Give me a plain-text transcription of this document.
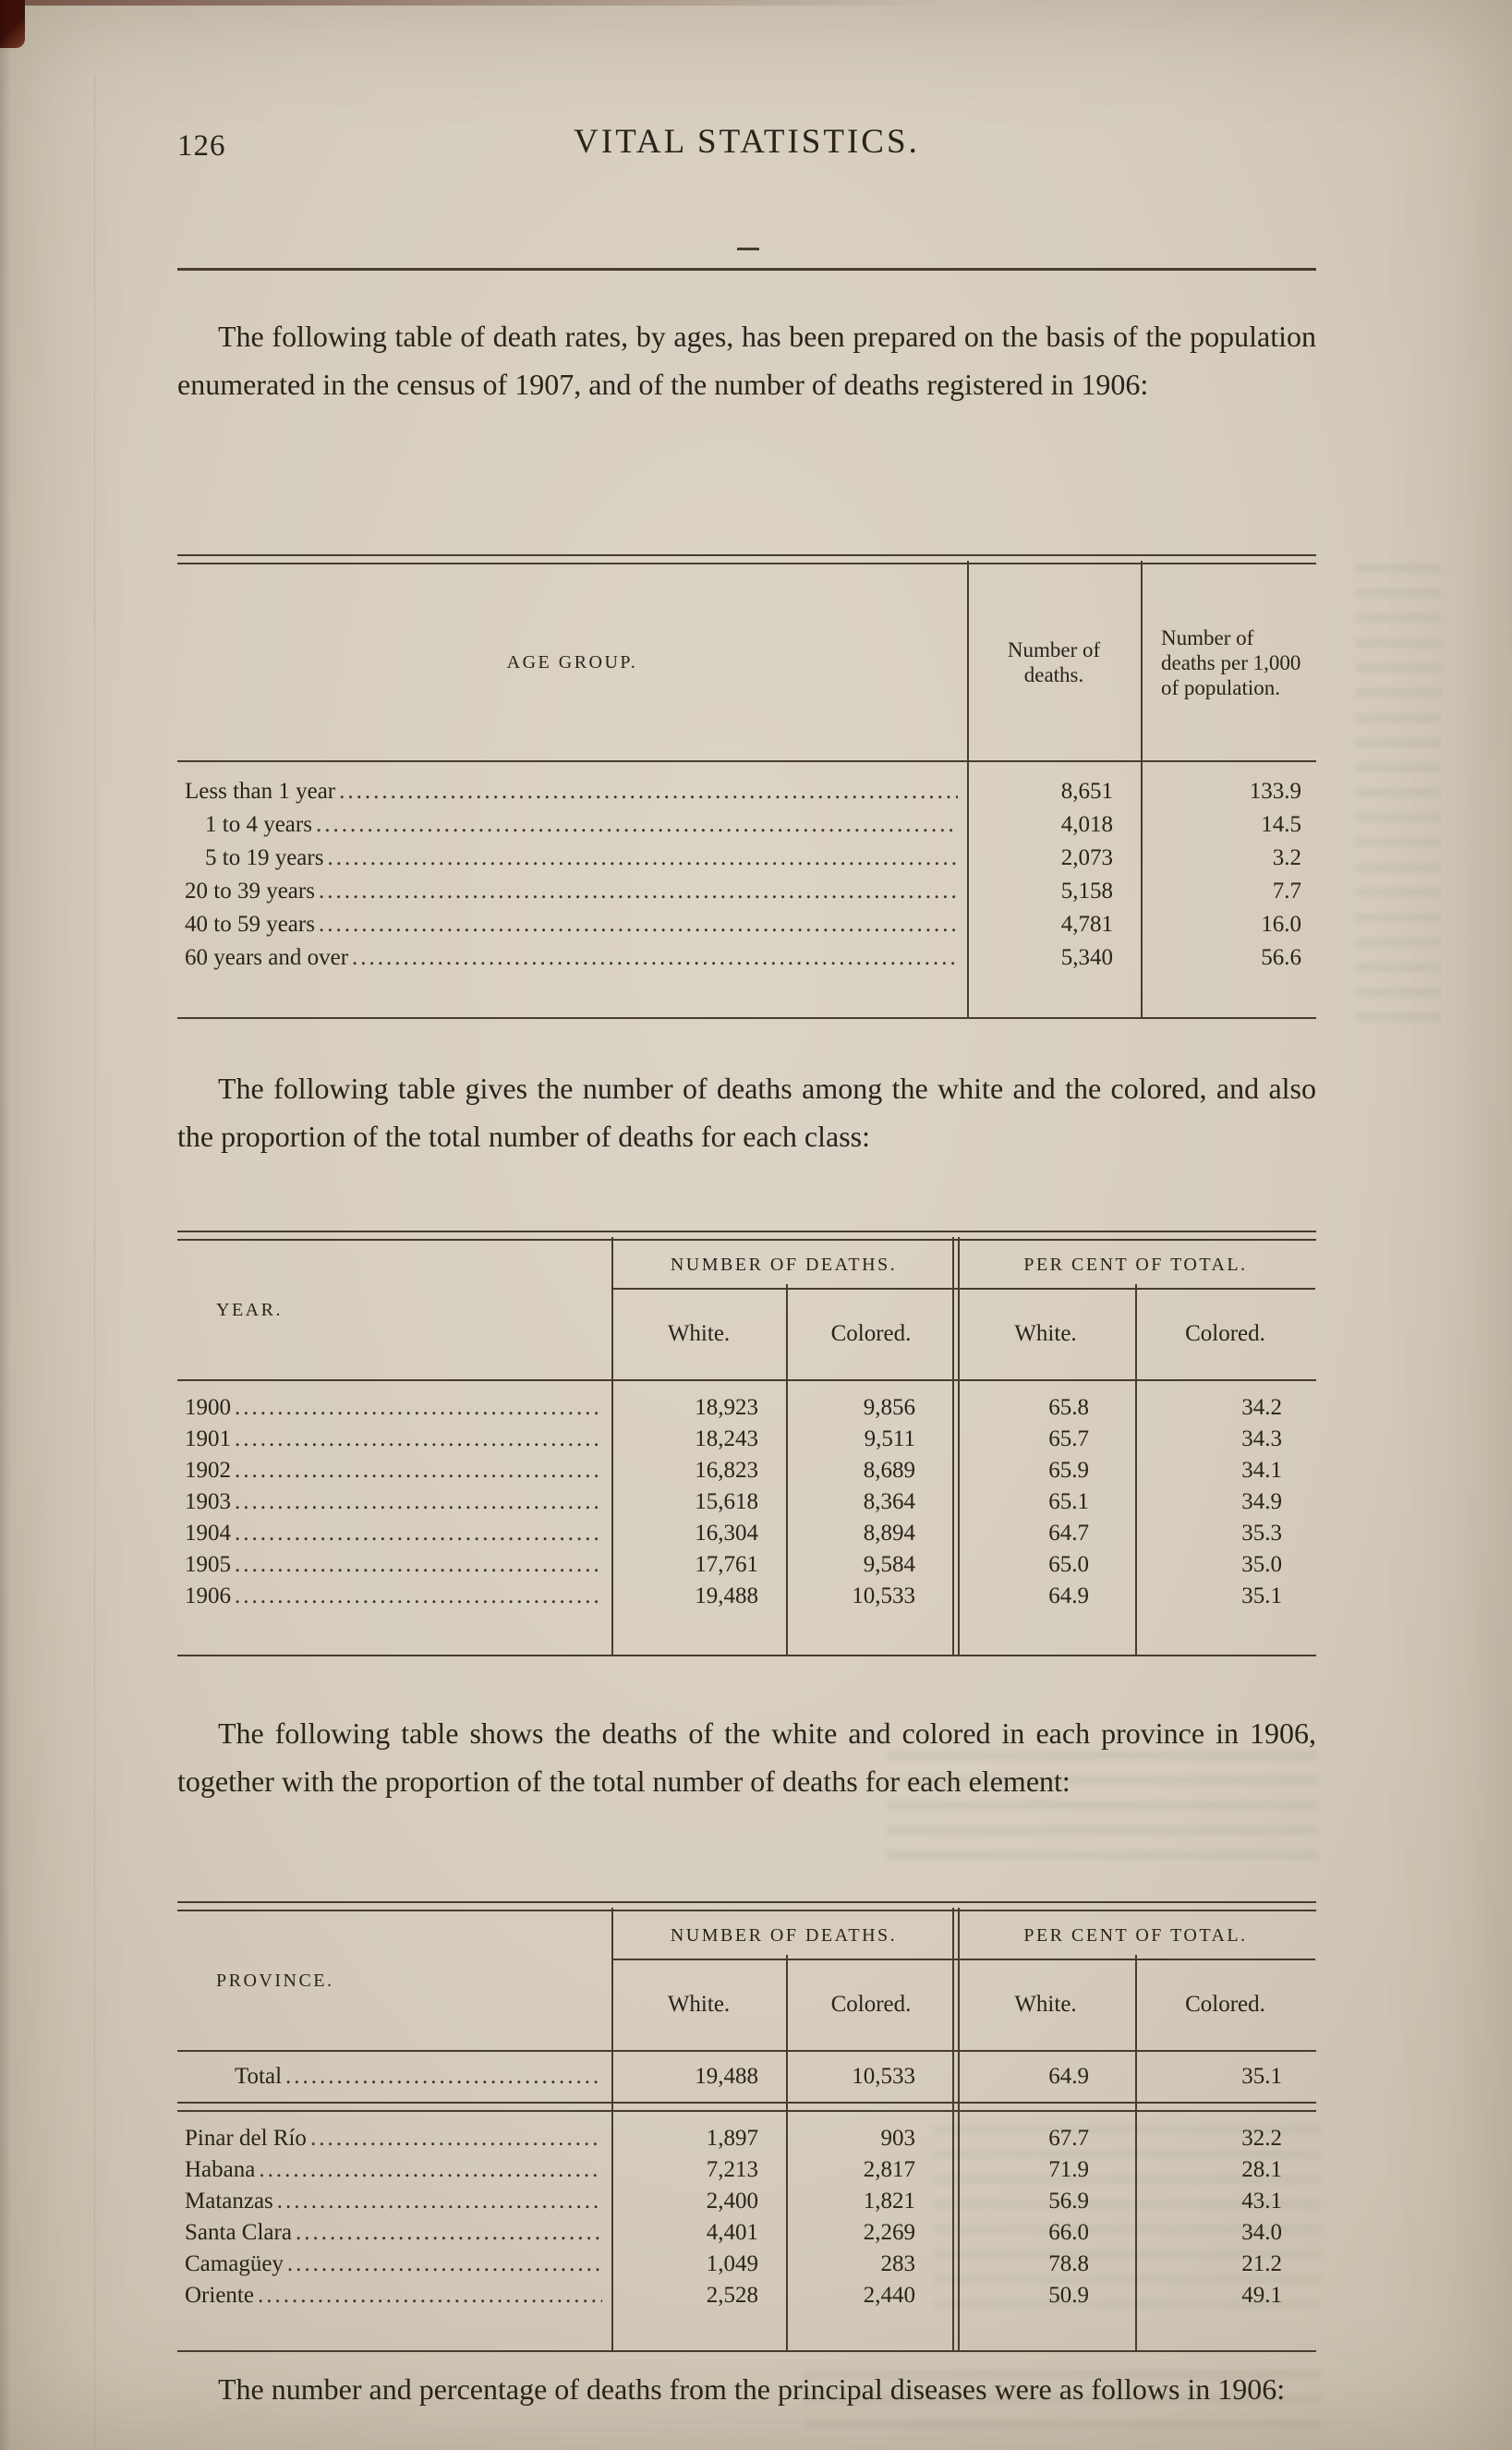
126	VITAL STATISTICS.

The following table of death rates, by ages, has been prepared on the basis of the population enumerated in the census of 1907, and of the number of deaths registered in 1906:

AGE GROUP.
Number of deaths.
Number of deaths per 1,000 of population.
Less than 1 year .....	8,651	133.9
1 to 4 years .....	4,018	14.5
5 to 19 years .....	2,073	3.2
20 to 39 years .....	5,158	7.7
40 to 59 years .....	4,781	16.0
60 years and over .....	5,340	56.6

The following table gives the number of deaths among the white and the colored, and also the proportion of the total number of deaths for each class:

YEAR.
NUMBER OF DEATHS.	PER CENT OF TOTAL.
White.	Colored.	White.	Colored.
1900 .....	18,923	9,856	65.8	34.2
1901 .....	18,243	9,511	65.7	34.3
1902 .....	16,823	8,689	65.9	34.1
1903 .....	15,618	8,364	65.1	34.9
1904 .....	16,304	8,894	64.7	35.3
1905 .....	17,761	9,584	65.0	35.0
1906 .....	19,488	10,533	64.9	35.1

The following table shows the deaths of the white and colored in each province in 1906, together with the proportion of the total number of deaths for each element:

PROVINCE.
NUMBER OF DEATHS.	PER CENT OF TOTAL.
White.	Colored.	White.	Colored.
Total .....	19,488	10,533	64.9	35.1
Pinar del Río .....	1,897	903	67.7	32.2
Habana .....	7,213	2,817	71.9	28.1
Matanzas .....	2,400	1,821	56.9	43.1
Santa Clara .....	4,401	2,269	66.0	34.0
Camagüey .....	1,049	283	78.8	21.2
Oriente .....	2,528	2,440	50.9	49.1

The number and percentage of deaths from the principal diseases were as follows in 1906:
